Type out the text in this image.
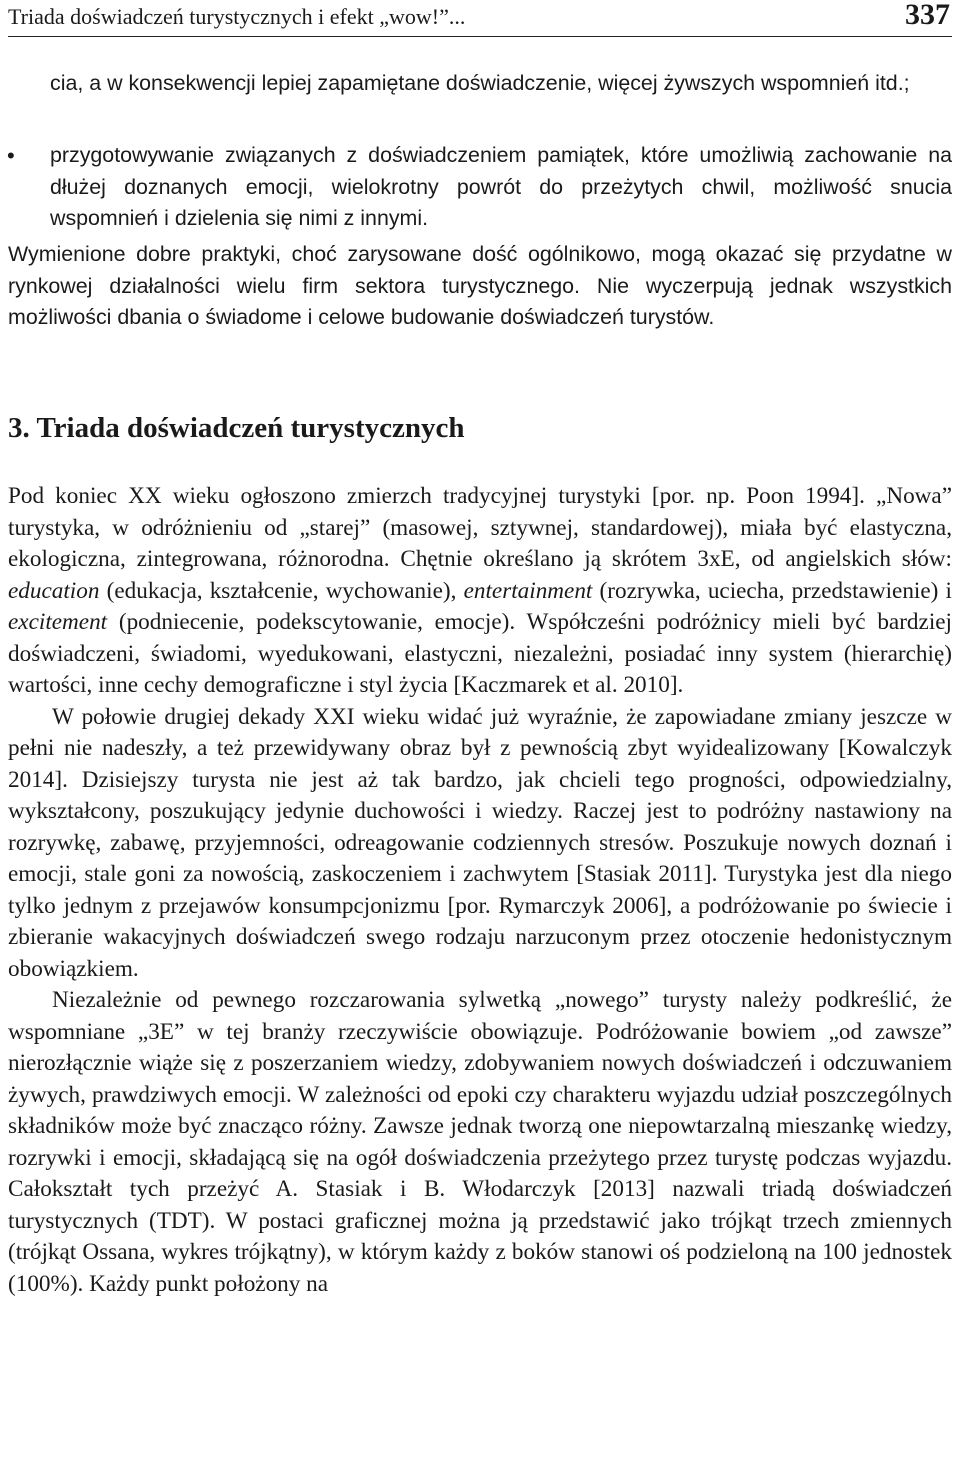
Triada doświadczeń turystycznych i efekt „wow!”...	337

cia, a w konsekwencji lepiej zapamiętane doświadczenie, więcej żywszych wspomnień itd.;

• przygotowywanie związanych z doświadczeniem pamiątek, które umożliwią zachowanie na dłużej doznanych emocji, wielokrotny powrót do przeżytych chwil, możliwość snucia wspomnień i dzielenia się nimi z innymi.

Wymienione dobre praktyki, choć zarysowane dość ogólnikowo, mogą okazać się przydatne w rynkowej działalności wielu firm sektora turystycznego. Nie wyczerpują jednak wszystkich możliwości dbania o świadome i celowe budowanie doświadczeń turystów.

3. Triada doświadczeń turystycznych

Pod koniec XX wieku ogłoszono zmierzch tradycyjnej turystyki [por. np. Poon 1994]. „Nowa” turystyka, w odróżnieniu od „starej” (masowej, sztywnej, standardowej), miała być elastyczna, ekologiczna, zintegrowana, różnorodna. Chętnie określano ją skrótem 3xE, od angielskich słów: education (edukacja, kształcenie, wychowanie), entertainment (rozrywka, uciecha, przedstawienie) i excitement (podniecenie, podekscytowanie, emocje). Współcześni podróżnicy mieli być bardziej doświadczeni, świadomi, wyedukowani, elastyczni, niezależni, posiadać inny system (hierarchię) wartości, inne cechy demograficzne i styl życia [Kaczmarek et al. 2010].

W połowie drugiej dekady XXI wieku widać już wyraźnie, że zapowiadane zmiany jeszcze w pełni nie nadeszły, a też przewidywany obraz był z pewnością zbyt wyidealizowany [Kowalczyk 2014]. Dzisiejszy turysta nie jest aż tak bardzo, jak chcieli tego progności, odpowiedzialny, wykształcony, poszukujący jedynie duchowości i wiedzy. Raczej jest to podróżny nastawiony na rozrywkę, zabawę, przyjemności, odreagowanie codziennych stresów. Poszukuje nowych doznań i emocji, stale goni za nowością, zaskoczeniem i zachwytem [Stasiak 2011]. Turystyka jest dla niego tylko jednym z przejawów konsumpcjonizmu [por. Rymarczyk 2006], a podróżowanie po świecie i zbieranie wakacyjnych doświadczeń swego rodzaju narzuconym przez otoczenie hedonistycznym obowiązkiem.

Niezależnie od pewnego rozczarowania sylwetką „nowego” turysty należy podkreślić, że wspomniane „3E” w tej branży rzeczywiście obowiązuje. Podróżowanie bowiem „od zawsze” nierozłącznie wiąże się z poszerzaniem wiedzy, zdobywaniem nowych doświadczeń i odczuwaniem żywych, prawdziwych emocji. W zależności od epoki czy charakteru wyjazdu udział poszczególnych składników może być znacząco różny. Zawsze jednak tworzą one niepowtarzalną mieszankę wiedzy, rozrywki i emocji, składającą się na ogół doświadczenia przeżytego przez turystę podczas wyjazdu. Całokształt tych przeżyć A. Stasiak i B. Włodarczyk [2013] nazwali triadą doświadczeń turystycznych (TDT). W postaci graficznej można ją przedstawić jako trójkąt trzech zmiennych (trójkąt Ossana, wykres trójkątny), w którym każdy z boków stanowi oś podzieloną na 100 jednostek (100%). Każdy punkt położony na
